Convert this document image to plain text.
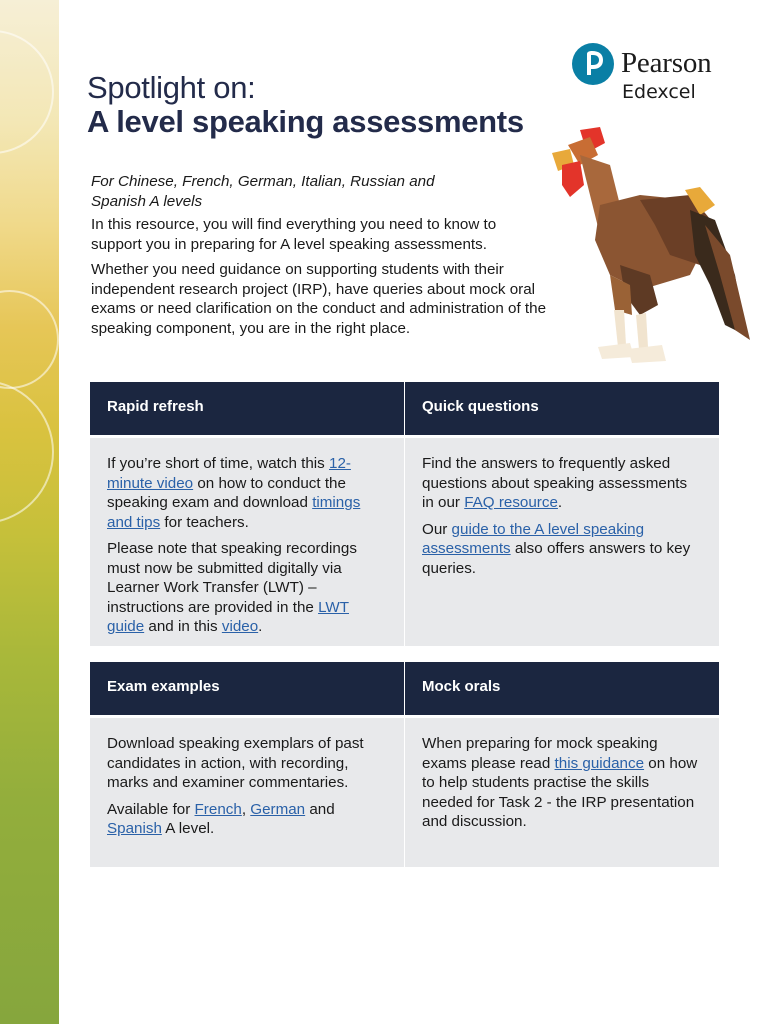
Pearson
Edexcel
Spotlight on:
A level speaking assessments

For Chinese, French, German, Italian, Russian and
Spanish A levels

In this resource, you will find everything you need to know to support you in preparing for A level speaking assessments.

Whether you need guidance on supporting students with their independent research project (IRP), have queries about mock oral exams or need clarification on the conduct and administration of the speaking component, you are in the right place.

Rapid refresh	Quick questions

If you’re short of time, watch this 12-minute video on how to conduct the speaking exam and download timings and tips for teachers.

Please note that speaking recordings must now be submitted digitally via Learner Work Transfer (LWT) – instructions are provided in the LWT guide and in this video.

Find the answers to frequently asked questions about speaking assessments in our FAQ resource.

Our guide to the A level speaking assessments also offers answers to key queries.

Exam examples	Mock orals

Download speaking exemplars of past candidates in action, with recording, marks and examiner commentaries.

Available for French, German and Spanish A level.

When preparing for mock speaking exams please read this guidance on how to help students practise the skills needed for Task 2 - the IRP presentation and discussion.
